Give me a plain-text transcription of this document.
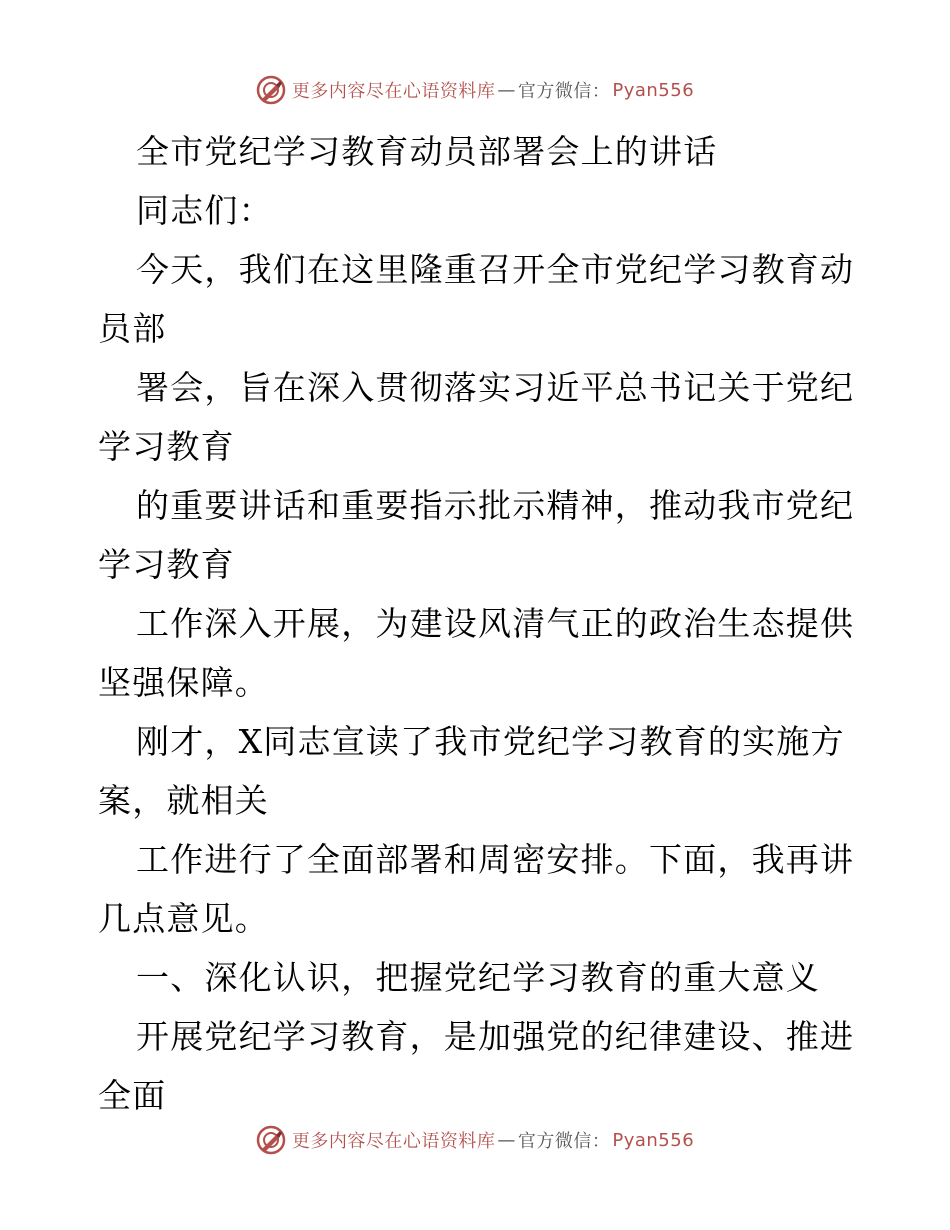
更多内容尽在心语资料库 — 官方微信： Pyan556
全市党纪学习教育动员部署会上的讲话
同志们：
今天，我们在这里隆重召开全市党纪学习教育动
员部
署会，旨在深入贯彻落实习近平总书记关于党纪
学习教育
的重要讲话和重要指示批示精神，推动我市党纪
学习教育
工作深入开展，为建设风清气正的政治生态提供
坚强保障。
刚才，X同志宣读了我市党纪学习教育的实施方
案，就相关
工作进行了全面部署和周密安排。下面，我再讲
几点意见。
一、深化认识，把握党纪学习教育的重大意义
开展党纪学习教育，是加强党的纪律建设、推进
全面
更多内容尽在心语资料库 — 官方微信： Pyan556
